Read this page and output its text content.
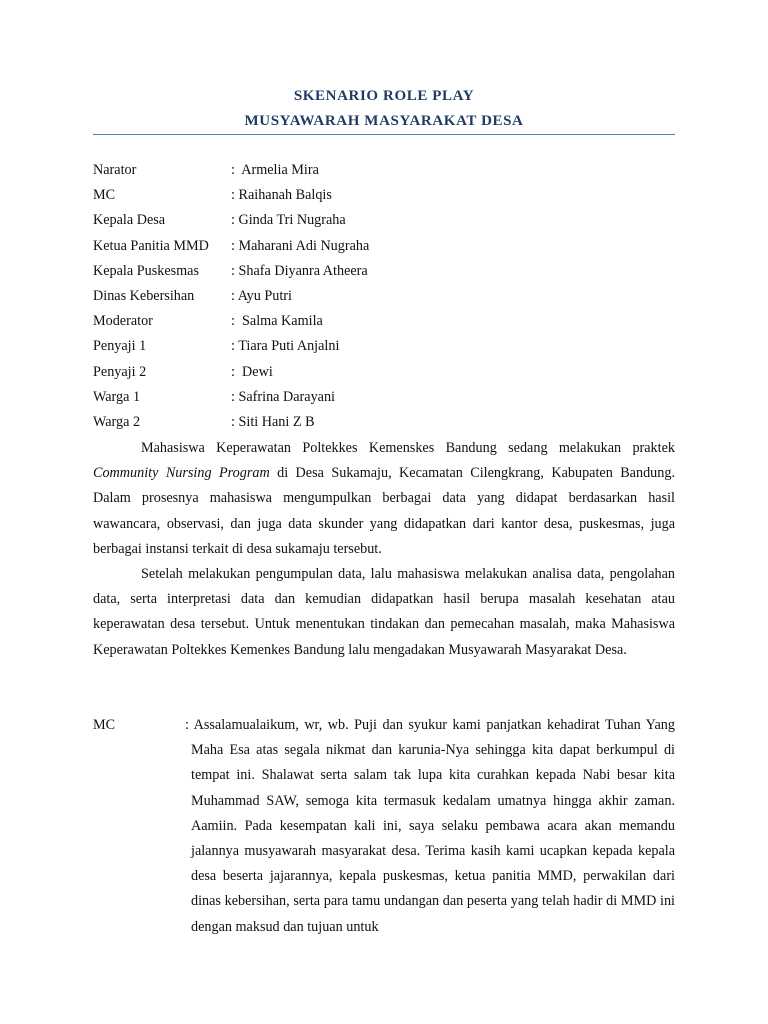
SKENARIO ROLE PLAY
MUSYAWARAH MASYARAKAT DESA
Narator	:  Armelia Mira
MC	: Raihanah Balqis
Kepala Desa	: Ginda Tri Nugraha
Ketua Panitia MMD : Maharani Adi Nugraha
Kepala Puskesmas : Shafa Diyanra Atheera
Dinas Kebersihan	: Ayu Putri
Moderator	:  Salma Kamila
Penyaji 1	: Tiara Puti Anjalni
Penyaji 2	:  Dewi
Warga 1	: Safrina Darayani
Warga 2	: Siti Hani Z B

Mahasiswa Keperawatan Poltekkes Kemenskes Bandung sedang melakukan praktek Community Nursing Program di Desa Sukamaju, Kecamatan Cilengkrang, Kabupaten Bandung. Dalam prosesnya mahasiswa mengumpulkan berbagai data yang didapat berdasarkan hasil wawancara, observasi, dan juga data skunder yang didapatkan dari kantor desa, puskesmas, juga berbagai instansi terkait di desa sukamaju tersebut.

Setelah melakukan pengumpulan data, lalu mahasiswa melakukan analisa data, pengolahan data, serta interpretasi data dan kemudian didapatkan hasil berupa masalah kesehatan atau keperawatan desa tersebut. Untuk menentukan tindakan dan pemecahan masalah, maka Mahasiswa Keperawatan Poltekkes Kemenkes Bandung lalu mengadakan Musyawarah Masyarakat Desa.

MC	: Assalamualaikum, wr, wb. Puji dan syukur kami panjatkan kehadirat Tuhan Yang Maha Esa atas segala nikmat dan karunia-Nya sehingga kita dapat berkumpul di tempat ini. Shalawat serta salam tak lupa kita curahkan kepada Nabi besar kita Muhammad SAW, semoga kita termasuk kedalam umatnya hingga akhir zaman. Aamiin. Pada kesempatan kali ini, saya selaku pembawa acara akan memandu jalannya musyawarah masyarakat desa. Terima kasih kami ucapkan kepada kepala desa beserta jajarannya, kepala puskesmas, ketua panitia MMD, perwakilan dari dinas kebersihan, serta para tamu undangan dan peserta yang telah hadir di MMD ini dengan maksud dan tujuan untuk
